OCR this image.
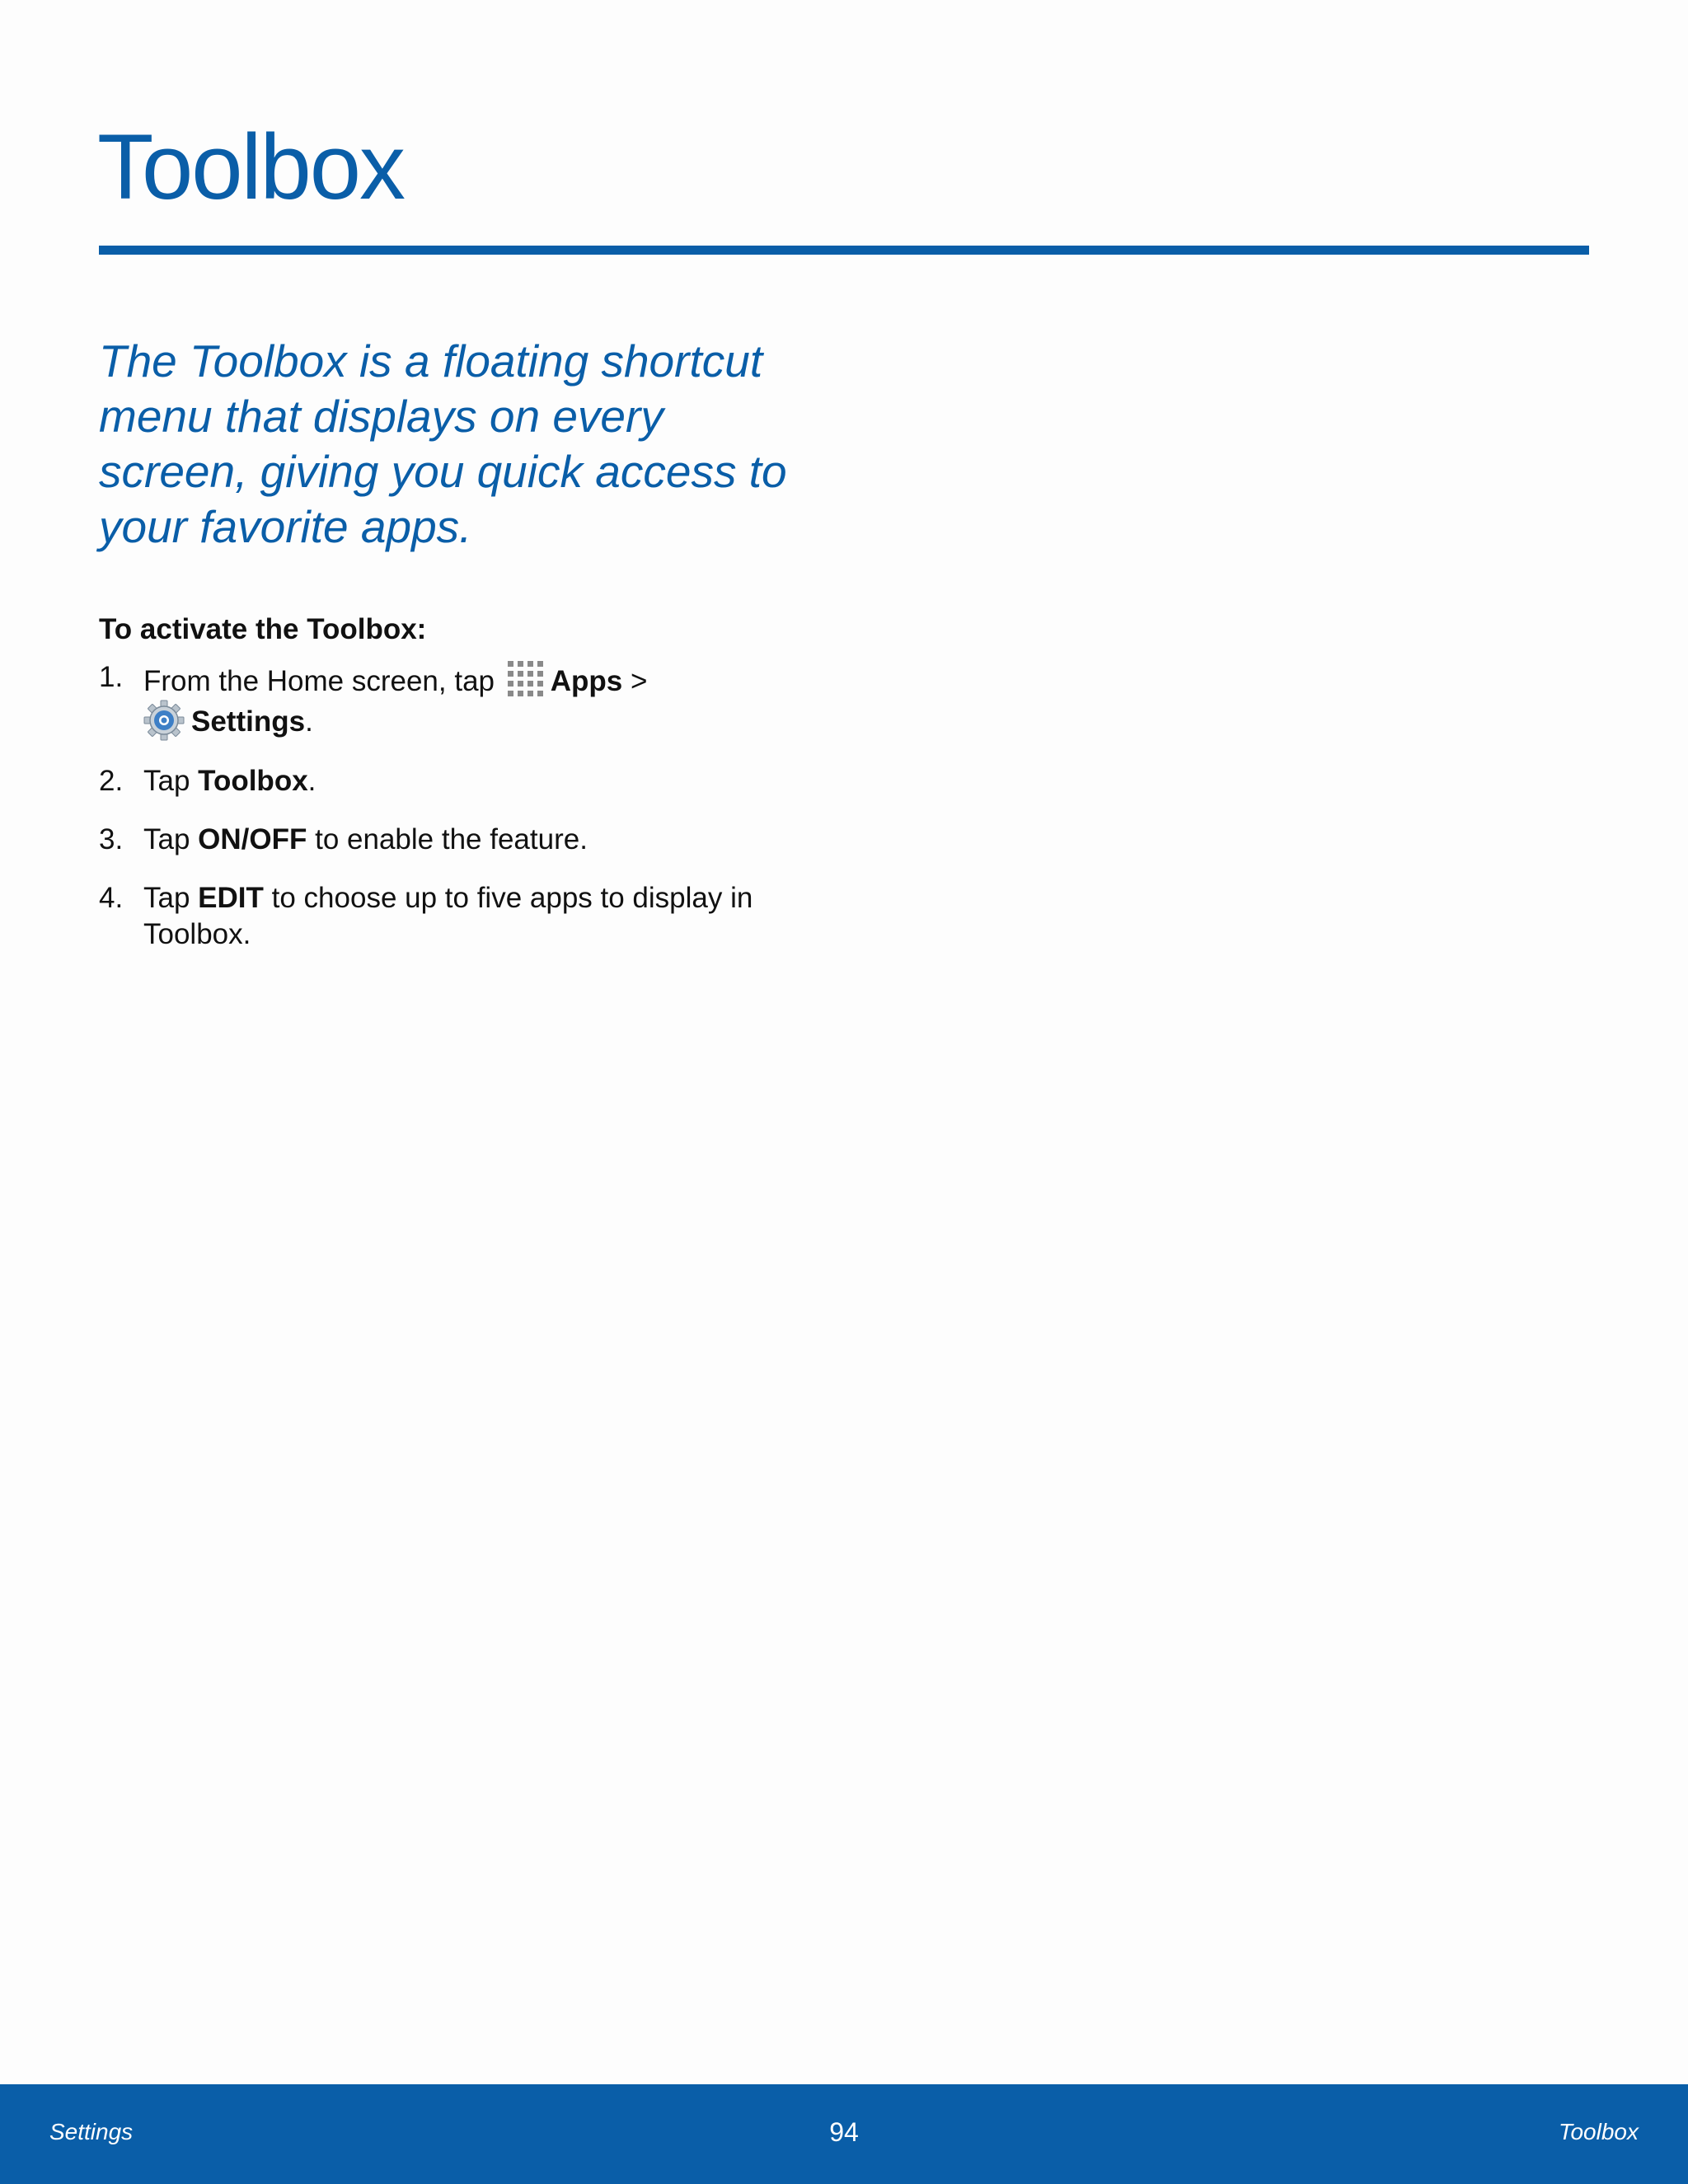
Toolbox

The Toolbox is a floating shortcut menu that displays on every screen, giving you quick access to your favorite apps.

To activate the Toolbox:
1. From the Home screen, tap Apps >
Settings.
2. Tap Toolbox.
3. Tap ON/OFF to enable the feature.
4. Tap EDIT to choose up to five apps to display in Toolbox.
Settings	94	Toolbox
